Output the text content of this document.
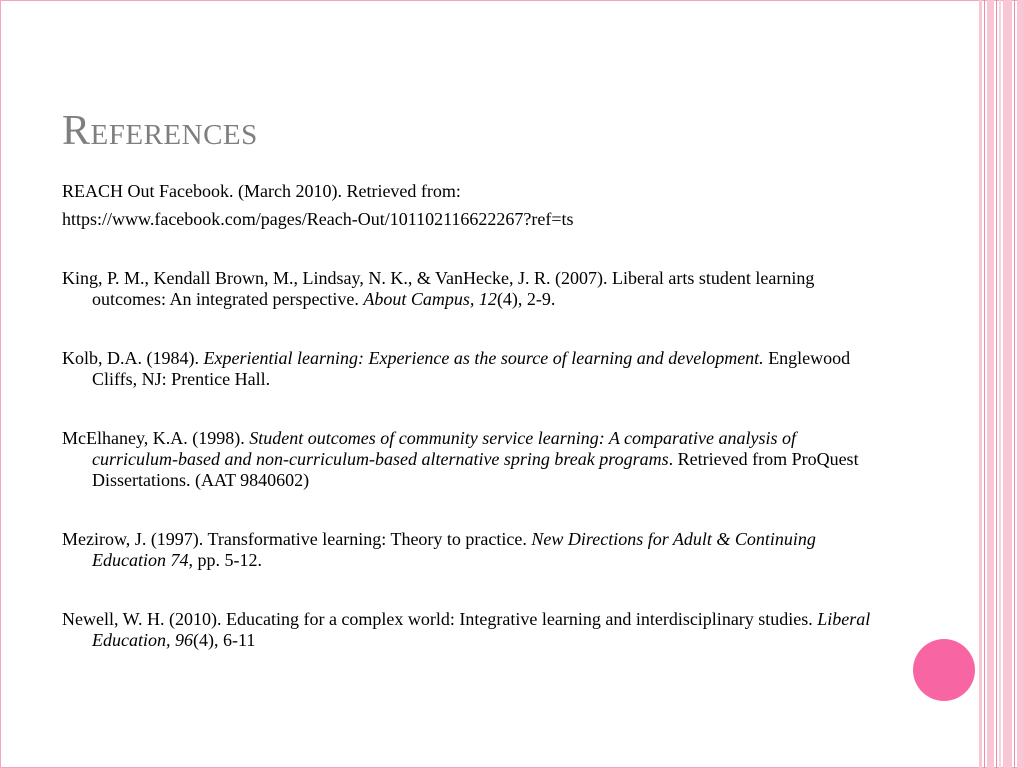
References

REACH Out Facebook. (March 2010). Retrieved from:
https://www.facebook.com/pages/Reach-Out/101102116622267?ref=ts

King, P. M., Kendall Brown, M., Lindsay, N. K., & VanHecke, J. R. (2007). Liberal arts student learning outcomes: An integrated perspective. About Campus, 12(4), 2-9.

Kolb, D.A. (1984). Experiential learning: Experience as the source of learning and development. Englewood Cliffs, NJ: Prentice Hall.

McElhaney, K.A. (1998). Student outcomes of community service learning: A comparative analysis of curriculum-based and non-curriculum-based alternative spring break programs. Retrieved from ProQuest Dissertations. (AAT 9840602)

Mezirow, J. (1997). Transformative learning: Theory to practice. New Directions for Adult & Continuing Education 74, pp. 5-12.

Newell, W. H. (2010). Educating for a complex world: Integrative learning and interdisciplinary studies. Liberal Education, 96(4), 6-11
